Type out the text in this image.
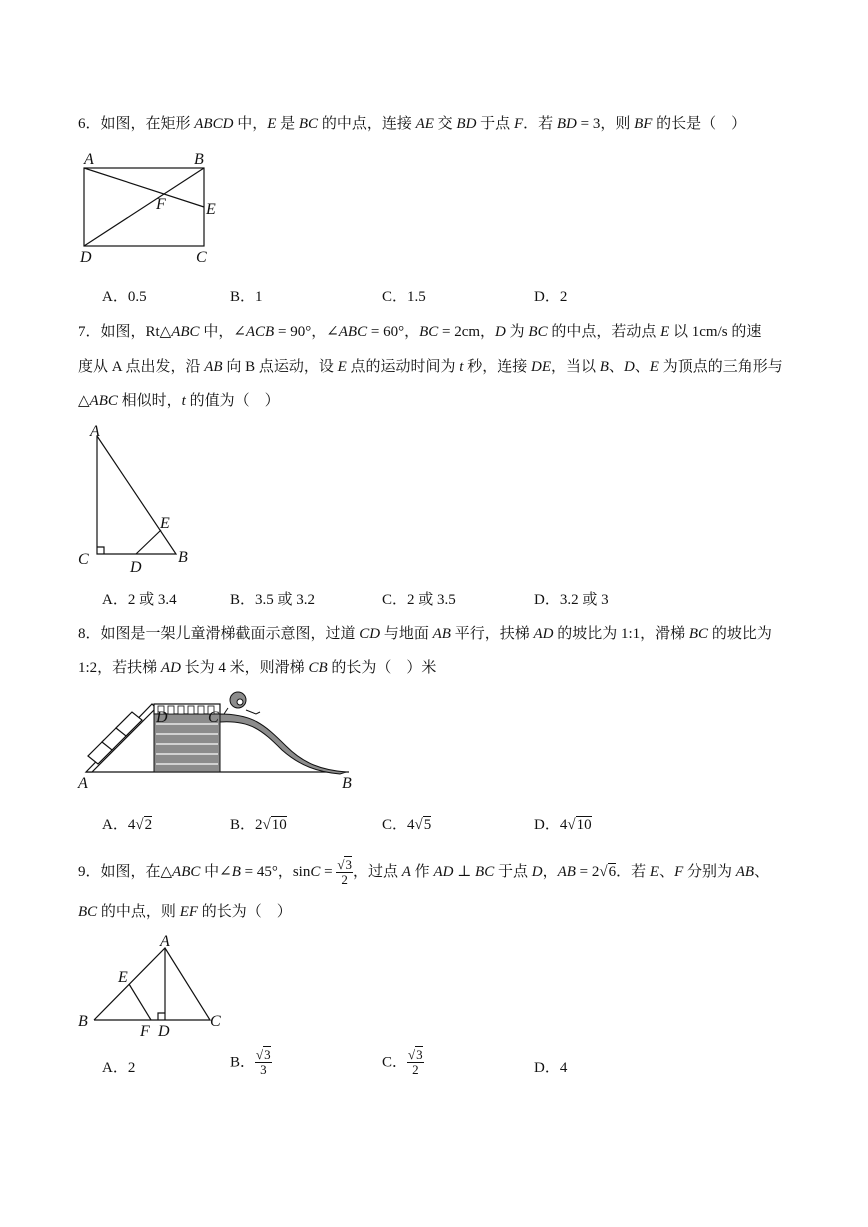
6．如图，在矩形 ABCD 中，E 是 BC 的中点，连接 AE 交 BD 于点 F．若 BD = 3，则 BF 的长是（　）
A	B
C
D
E
F
A．0.5	B．1	C．1.5	D．2
7．如图，Rt△ABC 中，∠ACB = 90°，∠ABC = 60°，BC = 2cm，D 为 BC 的中点，若动点 E 以 1cm/s 的速
度从 A 点出发，沿 AB 向 B 点运动，设 E 点的运动时间为 t 秒，连接 DE，当以 B、D、E 为顶点的三角形与
△ABC 相似时，t 的值为（　）
A
B
C	D
E
A．2 或 3.4	B．3.5 或 3.2	C．2 或 3.5	D．3.2 或 3
8．如图是一架儿童滑梯截面示意图，过道 CD 与地面 AB 平行，扶梯 AD 的坡比为 1:1，滑梯 BC 的坡比为
1:2，若扶梯 AD 长为 4 米，则滑梯 CB 的长为（　）米
D	C
A	B
A．4√2	B．2√10	C．4√5	D．4√10
9．如图，在△ABC 中∠B = 45°，$\sin C = \frac{√3}{2}$ ，过点 A 作 AD ⊥ BC 于点 D，AB = 2√6．若 E、F 分别为 AB、
BC 的中点，则 EF 的长为（　）
A
B	C
D
E
F
A．2	B． $\frac{√3}{3}$	C． $\frac{√3}{2}$	D．4
